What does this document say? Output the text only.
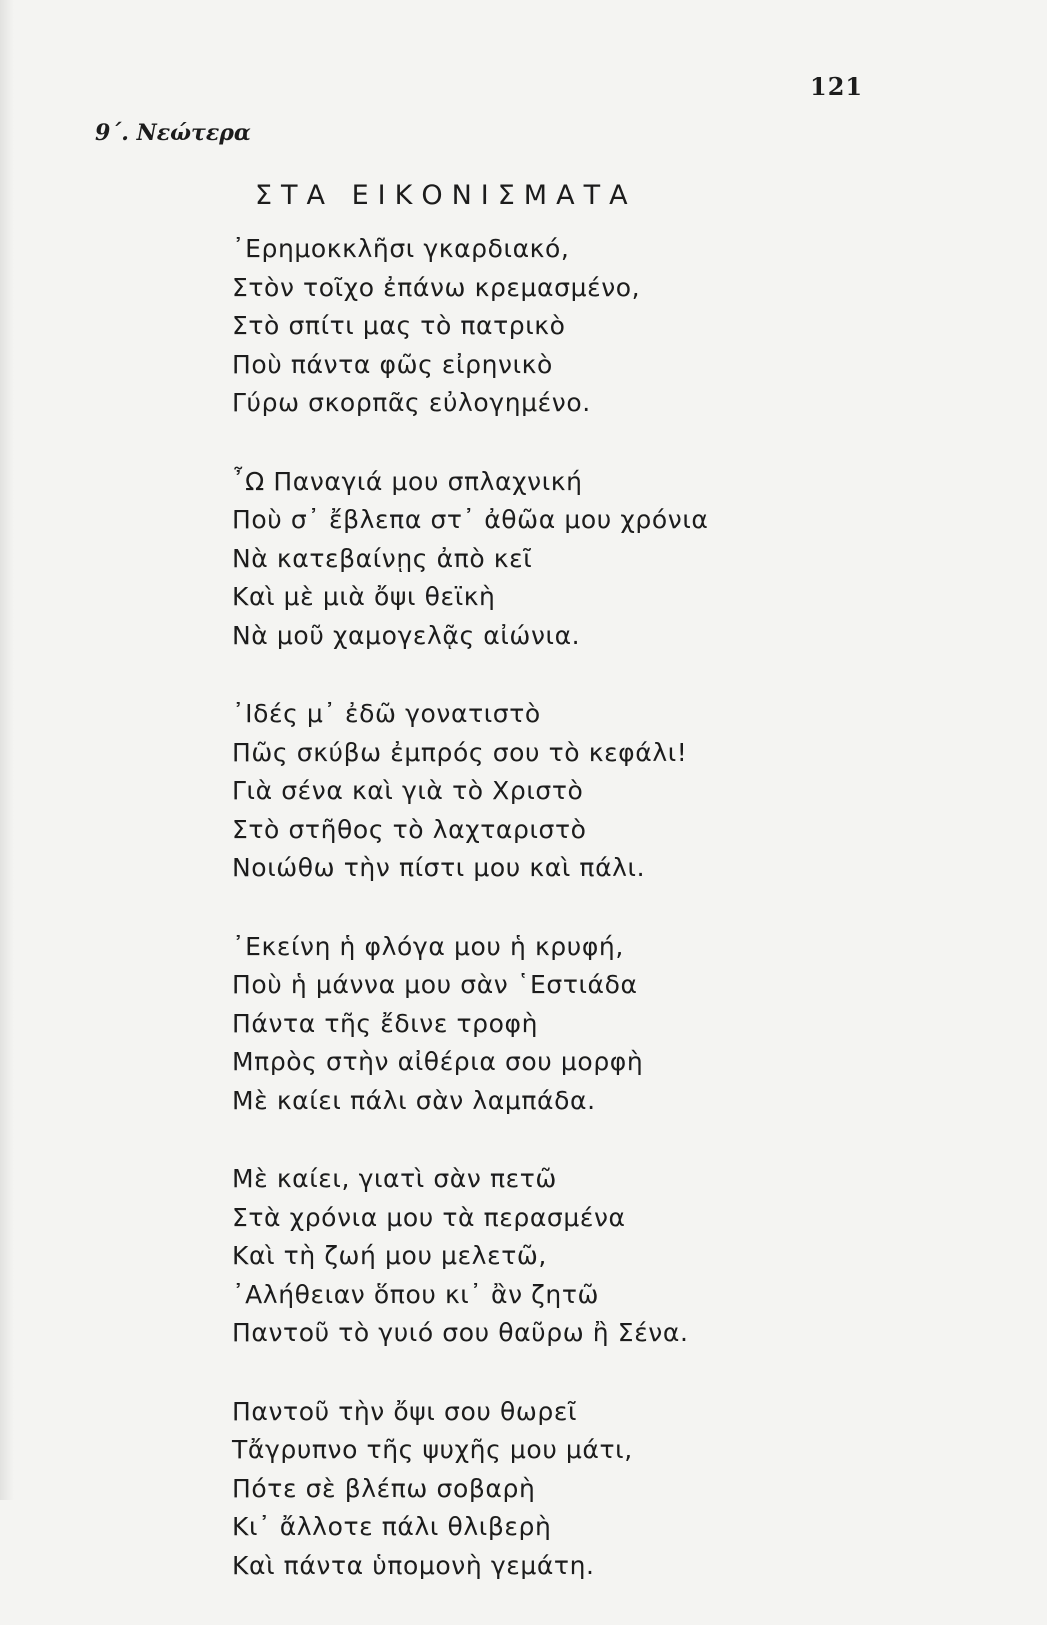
121
9΄. Νεώτερα
ΣΤΑ ΕΙΚΟΝΙΣΜΑΤΑ
᾿Ερημοκκλῆσι γκαρδιακό,
Στὸν τοῖχο ἐπάνω κρεμασμένο,
Στὸ σπίτι μας τὸ πατρικὸ
Ποὺ πάντα φῶς εἰρηνικὸ
Γύρω σκορπᾶς εὐλογημένο.
῏Ω Παναγιά μου σπλαχνική
Ποὺ σ᾿ ἔβλεπα στ᾿ ἀθῶα μου χρόνια
Νὰ κατεβαίνῃς ἀπὸ κεῖ
Καὶ μὲ μιὰ ὄψι θεϊκὴ
Νὰ μοῦ χαμογελᾷς αἰώνια.
᾿Ιδές μ᾿ ἐδῶ γονατιστὸ
Πῶς σκύβω ἐμπρός σου τὸ κεφάλι!
Γιὰ σένα καὶ γιὰ τὸ Χριστὸ
Στὸ στῆθος τὸ λαχταριστὸ
Νοιώθω τὴν πίστι μου καὶ πάλι.
᾿Εκείνη ἡ φλόγα μου ἡ κρυφή,
Ποὺ ἡ μάννα μου σὰν ῾Εστιάδα
Πάντα τῆς ἔδινε τροφὴ
Μπρὸς στὴν αἰθέρια σου μορφὴ
Μὲ καίει πάλι σὰν λαμπάδα.
Μὲ καίει, γιατὶ σὰν πετῶ
Στὰ χρόνια μου τὰ περασμένα
Καὶ τὴ ζωή μου μελετῶ,
᾿Αλήθειαν ὅπου κι᾿ ἂν ζητῶ
Παντοῦ τὸ γυιό σου θαῦρω ἢ Σένα.
Παντοῦ τὴν ὄψι σου θωρεῖ
Τἄγρυπνο τῆς ψυχῆς μου μάτι,
Πότε σὲ βλέπω σοβαρὴ
Κι᾿ ἄλλοτε πάλι θλιβερὴ
Καὶ πάντα ὑπομονὴ γεμάτη.
